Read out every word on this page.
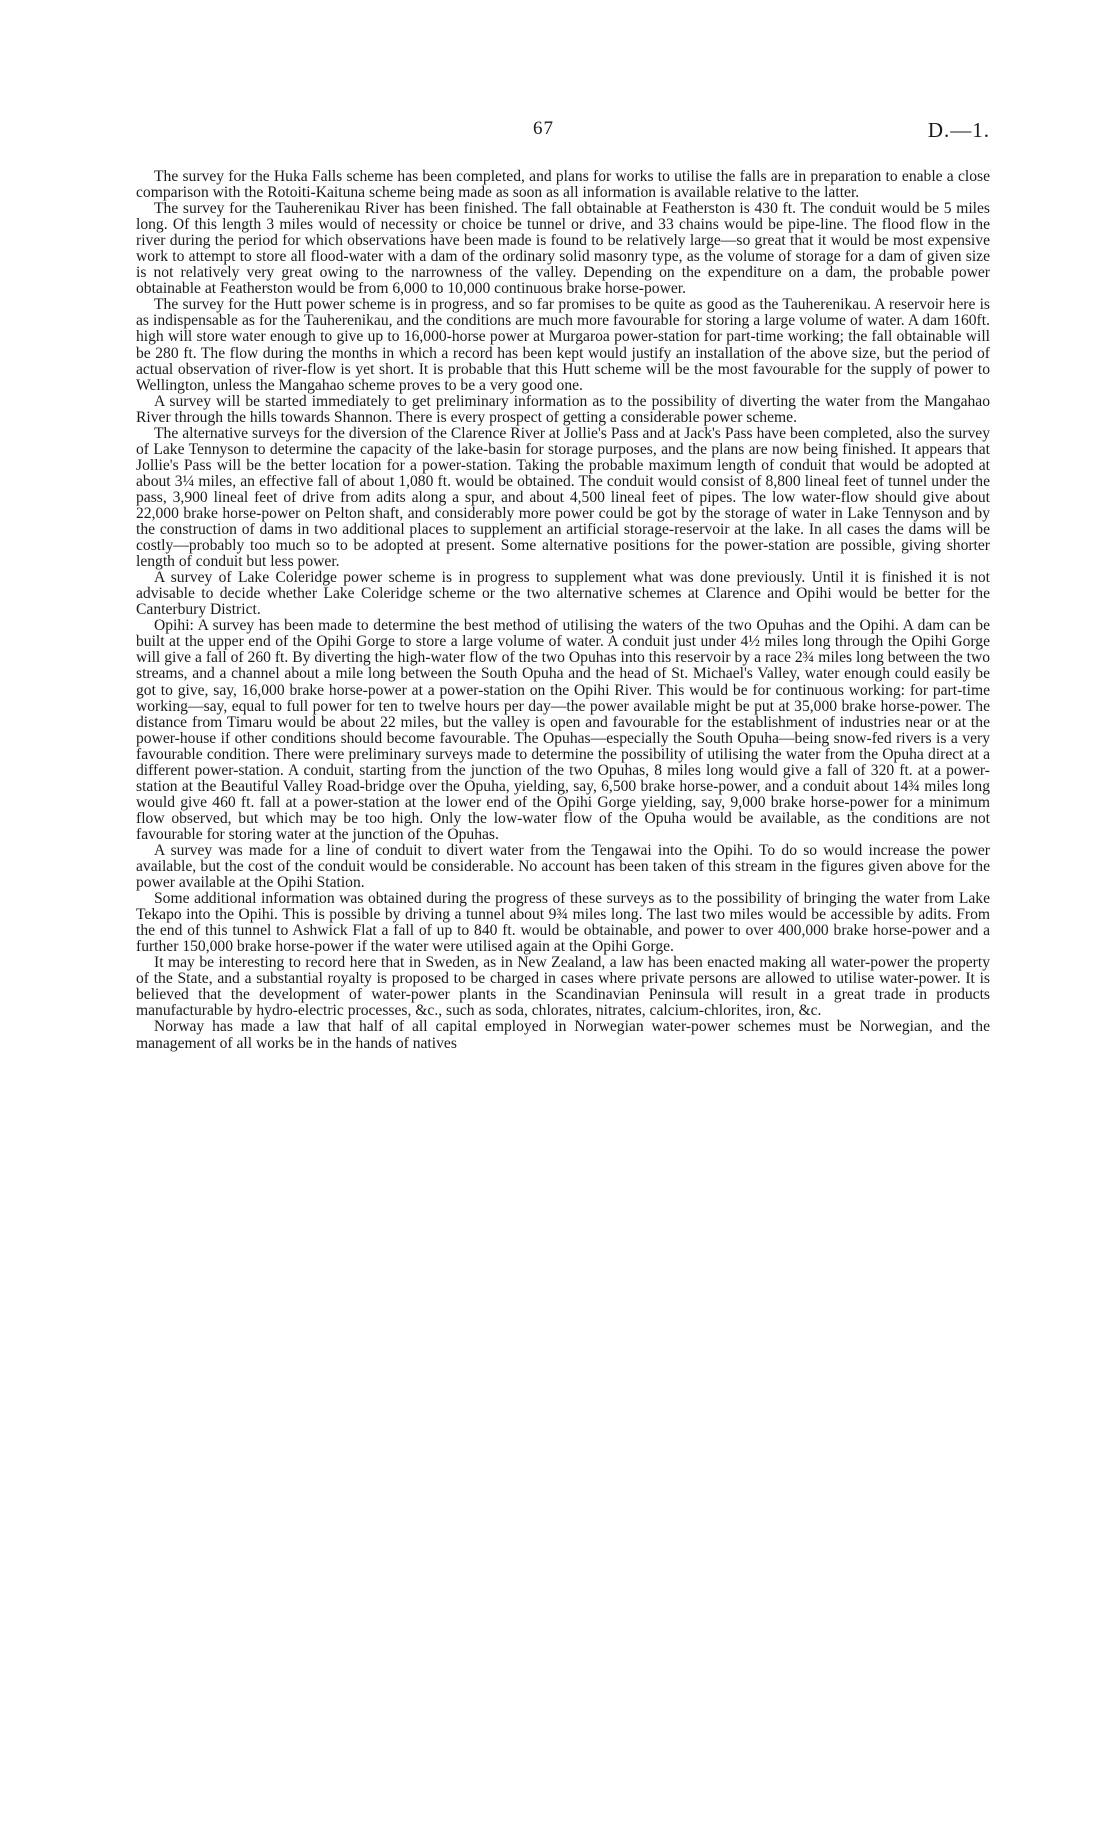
67	D.—1.

The survey for the Huka Falls scheme has been completed, and plans for works to utilise the falls are in preparation to enable a close comparison with the Rotoiti-Kaituna scheme being made as soon as all information is available relative to the latter.

The survey for the Tauherenikau River has been finished. The fall obtainable at Featherston is 430 ft. The conduit would be 5 miles long. Of this length 3 miles would of necessity or choice be tunnel or drive, and 33 chains would be pipe-line. The flood flow in the river during the period for which observations have been made is found to be relatively large—so great that it would be most expensive work to attempt to store all flood-water with a dam of the ordinary solid masonry type, as the volume of storage for a dam of given size is not relatively very great owing to the narrowness of the valley. Depending on the expenditure on a dam, the probable power obtainable at Featherston would be from 6,000 to 10,000 continuous brake horse-power.

The survey for the Hutt power scheme is in progress, and so far promises to be quite as good as the Tauherenikau. A reservoir here is as indispensable as for the Tauherenikau, and the conditions are much more favourable for storing a large volume of water. A dam 160ft. high will store water enough to give up to 16,000-horse power at Murgaroa power-station for part-time working; the fall obtainable will be 280 ft. The flow during the months in which a record has been kept would justify an installation of the above size, but the period of actual observation of river-flow is yet short. It is probable that this Hutt scheme will be the most favourable for the supply of power to Wellington, unless the Mangahao scheme proves to be a very good one.

A survey will be started immediately to get preliminary information as to the possibility of diverting the water from the Mangahao River through the hills towards Shannon. There is every prospect of getting a considerable power scheme.

The alternative surveys for the diversion of the Clarence River at Jollie's Pass and at Jack's Pass have been completed, also the survey of Lake Tennyson to determine the capacity of the lake-basin for storage purposes, and the plans are now being finished. It appears that Jollie's Pass will be the better location for a power-station. Taking the probable maximum length of conduit that would be adopted at about 3¼ miles, an effective fall of about 1,080 ft. would be obtained. The conduit would consist of 8,800 lineal feet of tunnel under the pass, 3,900 lineal feet of drive from adits along a spur, and about 4,500 lineal feet of pipes. The low water-flow should give about 22,000 brake horse-power on Pelton shaft, and considerably more power could be got by the storage of water in Lake Tennyson and by the construction of dams in two additional places to supplement an artificial storage-reservoir at the lake. In all cases the dams will be costly—probably too much so to be adopted at present. Some alternative positions for the power-station are possible, giving shorter length of conduit but less power.

A survey of Lake Coleridge power scheme is in progress to supplement what was done previously. Until it is finished it is not advisable to decide whether Lake Coleridge scheme or the two alternative schemes at Clarence and Opihi would be better for the Canterbury District.

Opihi: A survey has been made to determine the best method of utilising the waters of the two Opuhas and the Opihi. A dam can be built at the upper end of the Opihi Gorge to store a large volume of water. A conduit just under 4½ miles long through the Opihi Gorge will give a fall of 260 ft. By diverting the high-water flow of the two Opuhas into this reservoir by a race 2¾ miles long between the two streams, and a channel about a mile long between the South Opuha and the head of St. Michael's Valley, water enough could easily be got to give, say, 16,000 brake horse-power at a power-station on the Opihi River. This would be for continuous working: for part-time working—say, equal to full power for ten to twelve hours per day—the power available might be put at 35,000 brake horse-power. The distance from Timaru would be about 22 miles, but the valley is open and favourable for the establishment of industries near or at the power-house if other conditions should become favourable. The Opuhas—especially the South Opuha—being snow-fed rivers is a very favourable condition. There were preliminary surveys made to determine the possibility of utilising the water from the Opuha direct at a different power-station. A conduit, starting from the junction of the two Opuhas, 8 miles long would give a fall of 320 ft. at a power-station at the Beautiful Valley Road-bridge over the Opuha, yielding, say, 6,500 brake horse-power, and a conduit about 14¾ miles long would give 460 ft. fall at a power-station at the lower end of the Opihi Gorge yielding, say, 9,000 brake horse-power for a minimum flow observed, but which may be too high. Only the low-water flow of the Opuha would be available, as the conditions are not favourable for storing water at the junction of the Opuhas.

A survey was made for a line of conduit to divert water from the Tengawai into the Opihi. To do so would increase the power available, but the cost of the conduit would be considerable. No account has been taken of this stream in the figures given above for the power available at the Opihi Station.

Some additional information was obtained during the progress of these surveys as to the possibility of bringing the water from Lake Tekapo into the Opihi. This is possible by driving a tunnel about 9¾ miles long. The last two miles would be accessible by adits. From the end of this tunnel to Ashwick Flat a fall of up to 840 ft. would be obtainable, and power to over 400,000 brake horse-power and a further 150,000 brake horse-power if the water were utilised again at the Opihi Gorge.

It may be interesting to record here that in Sweden, as in New Zealand, a law has been enacted making all water-power the property of the State, and a substantial royalty is proposed to be charged in cases where private persons are allowed to utilise water-power. It is believed that the development of water-power plants in the Scandinavian Peninsula will result in a great trade in products manufacturable by hydro-electric processes, &c., such as soda, chlorates, nitrates, calcium-chlorites, iron, &c.

Norway has made a law that half of all capital employed in Norwegian water-power schemes must be Norwegian, and the management of all works be in the hands of natives
